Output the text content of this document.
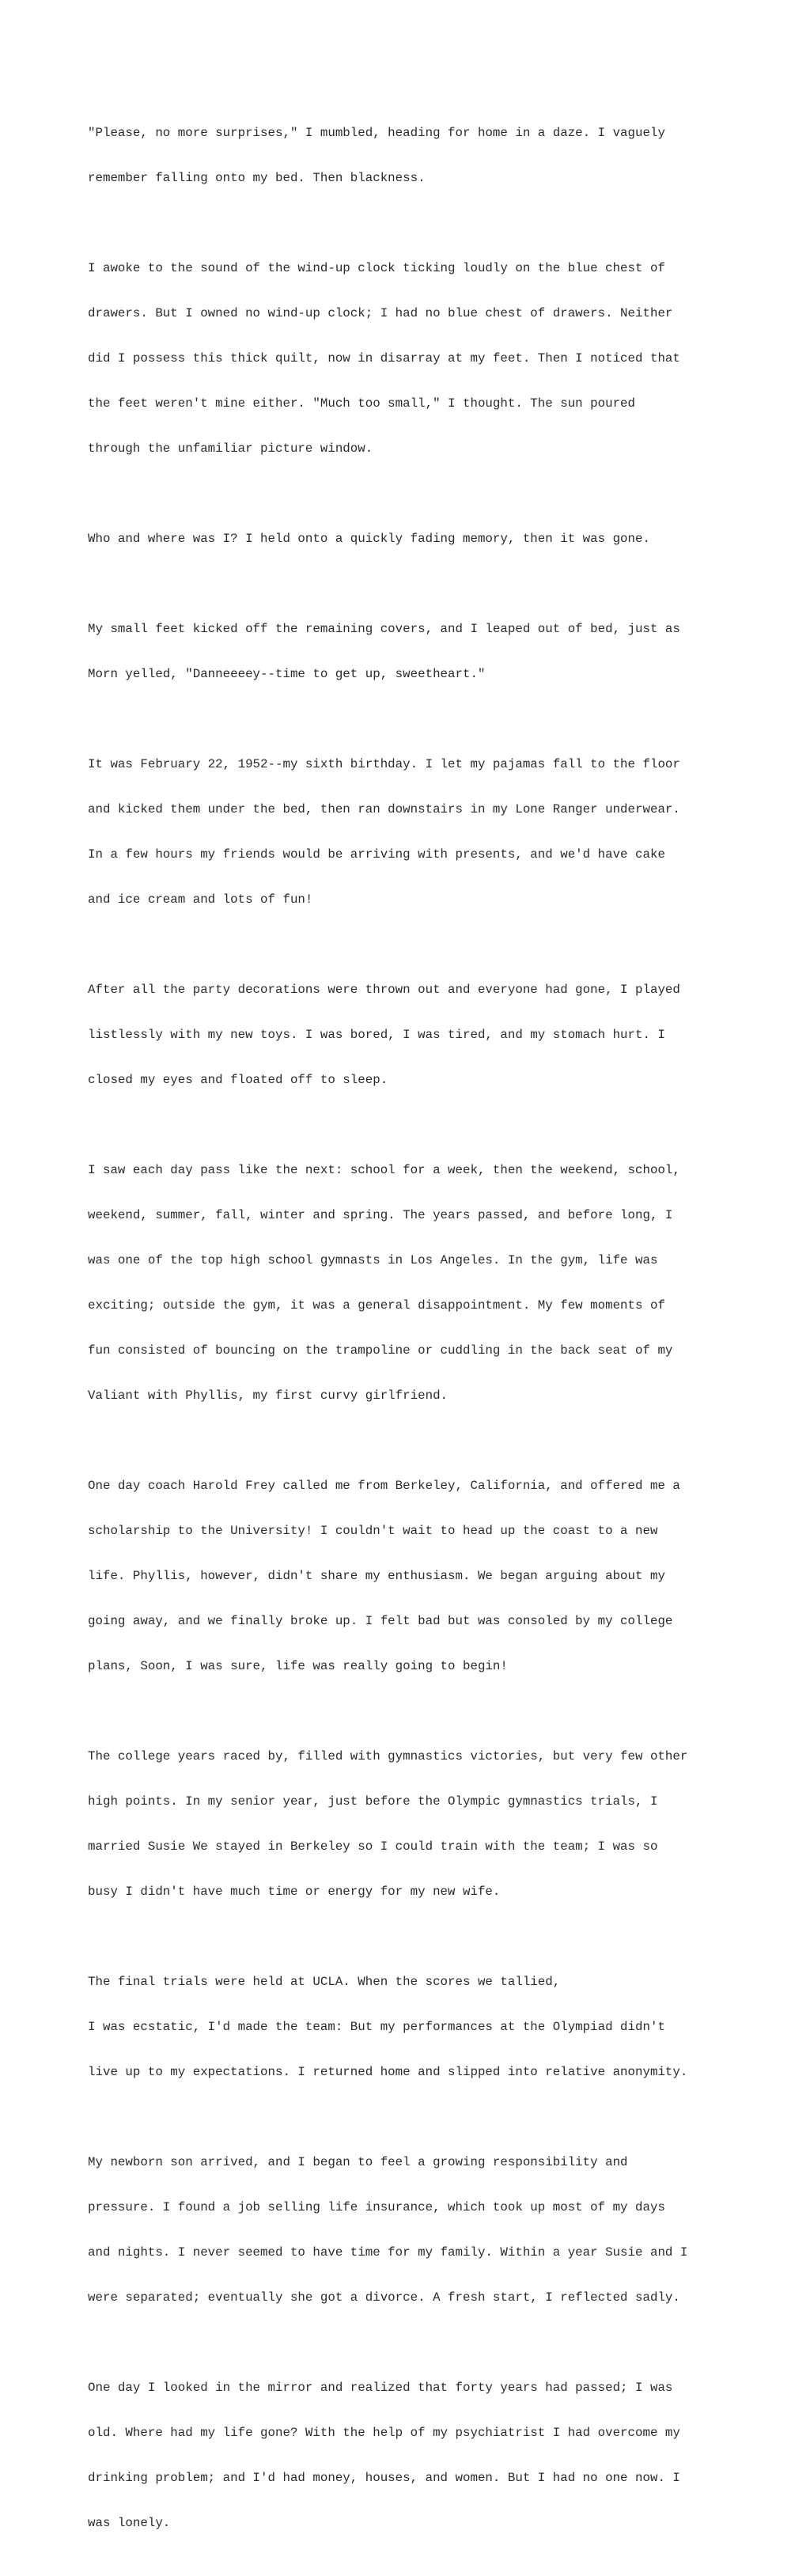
"Please, no more surprises," I mumbled, heading for home in a daze. I vaguely

remember falling onto my bed. Then blackness.

I awoke to the sound of the wind-up clock ticking loudly on the blue chest of

drawers. But I owned no wind-up clock; I had no blue chest of drawers. Neither

did I possess this thick quilt, now in disarray at my feet. Then I noticed that

the feet weren't mine either. "Much too small," I thought. The sun poured

through the unfamiliar picture window.

Who and where was I? I held onto a quickly fading memory, then it was gone.

My small feet kicked off the remaining covers, and I leaped out of bed, just as

Morn yelled, "Danneeeey--time to get up, sweetheart."

It was February 22, 1952--my sixth birthday. I let my pajamas fall to the floor

and kicked them under the bed, then ran downstairs in my Lone Ranger underwear.

In a few hours my friends would be arriving with presents, and we'd have cake

and ice cream and lots of fun!

After all the party decorations were thrown out and everyone had gone, I played

listlessly with my new toys. I was bored, I was tired, and my stomach hurt. I

closed my eyes and floated off to sleep.

I saw each day pass like the next: school for a week, then the weekend, school,

weekend, summer, fall, winter and spring. The years passed, and before long, I

was one of the top high school gymnasts in Los Angeles. In the gym, life was

exciting; outside the gym, it was a general disappointment. My few moments of

fun consisted of bouncing on the trampoline or cuddling in the back seat of my

Valiant with Phyllis, my first curvy girlfriend.

One day coach Harold Frey called me from Berkeley, California, and offered me a

scholarship to the University! I couldn't wait to head up the coast to a new

life. Phyllis, however, didn't share my enthusiasm. We began arguing about my

going away, and we finally broke up. I felt bad but was consoled by my college

plans, Soon, I was sure, life was really going to begin!

The college years raced by, filled with gymnastics victories, but very few other

high points. In my senior year, just before the Olympic gymnastics trials, I

married Susie We stayed in Berkeley so I could train with the team; I was so

busy I didn't have much time or energy for my new wife.

The final trials were held at UCLA. When the scores we tallied,

I was ecstatic, I'd made the team: But my performances at the Olympiad didn't

live up to my expectations. I returned home and slipped into relative anonymity.

My newborn son arrived, and I began to feel a growing responsibility and

pressure. I found a job selling life insurance, which took up most of my days

and nights. I never seemed to have time for my family. Within a year Susie and I

were separated; eventually she got a divorce. A fresh start, I reflected sadly.

One day I looked in the mirror and realized that forty years had passed; I was

old. Where had my life gone? With the help of my psychiatrist I had overcome my

drinking problem; and I'd had money, houses, and women. But I had no one now. I

was lonely.
